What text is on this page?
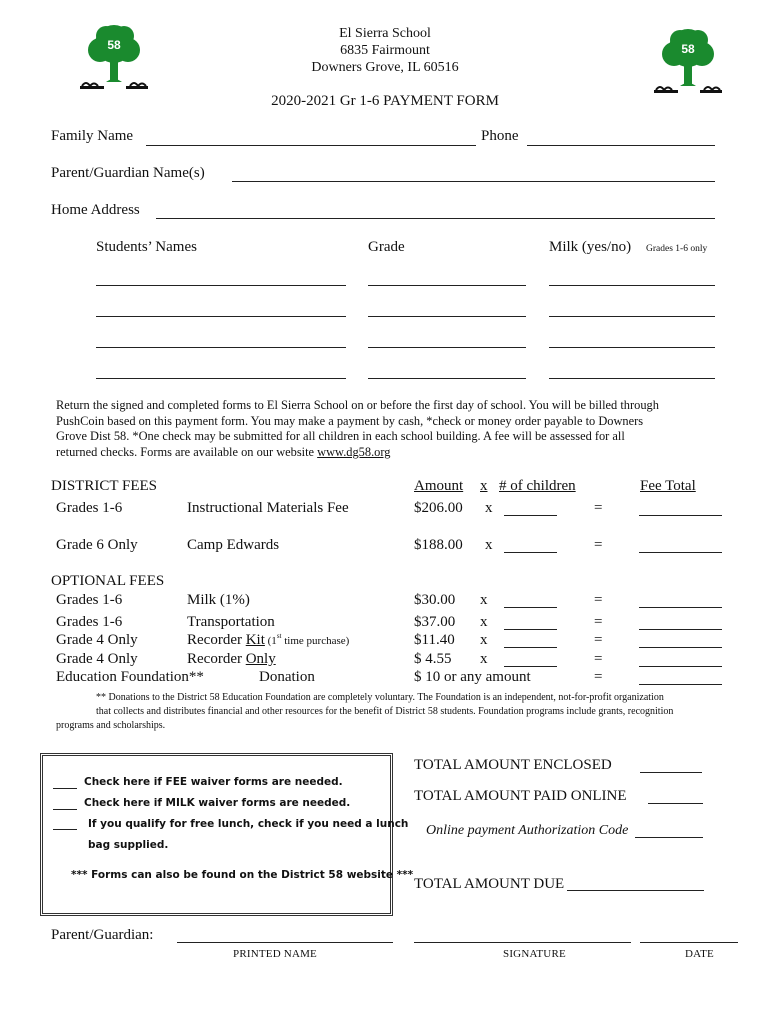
58	58
El Sierra School
6835 Fairmount
Downers Grove, IL 60516
2020-2021 Gr 1-6 PAYMENT FORM
Family Name	Phone
Parent/Guardian Name(s)
Home Address
Students’ Names	Grade	Milk (yes/no) Grades 1-6 only
Return the signed and completed forms to El Sierra School on or before the first day of school. You will be billed through
PushCoin based on this payment form. You may make a payment by cash, *check or money order payable to Downers
Grove Dist 58. *One check may be submitted for all children in each school building. A fee will be assessed for all
returned checks. Forms are available on our website www.dg58.org
DISTRICT FEES	Amount x # of children	Fee Total
Grades 1-6	Instructional Materials Fee	$206.00 x	=
Grade 6 Only	Camp Edwards	$188.00 x	=
OPTIONAL FEES
Grades 1-6	Milk (1%)	$30.00 x	=
Grades 1-6	Transportation	$37.00 x	=
Grade 4 Only	Recorder Kit (1st time purchase)	$11.40 x	=
Grade 4 Only	Recorder Only	$ 4.55 x	=
Education Foundation**	Donation	$ 10 or any amount	=
** Donations to the District 58 Education Foundation are completely voluntary. The Foundation is an independent, not-for-profit organization
that collects and distributes financial and other resources for the benefit of District 58 students. Foundation programs include grants, recognition
programs and scholarships.
Check here if FEE waiver forms are needed.
Check here if MILK waiver forms are needed.
If you qualify for free lunch, check if you need a lunch
bag supplied.
*** Forms can also be found on the District 58 website ***
TOTAL AMOUNT ENCLOSED
TOTAL AMOUNT PAID ONLINE
Online payment Authorization Code
TOTAL AMOUNT DUE
Parent/Guardian:
PRINTED NAME	SIGNATURE	DATE
